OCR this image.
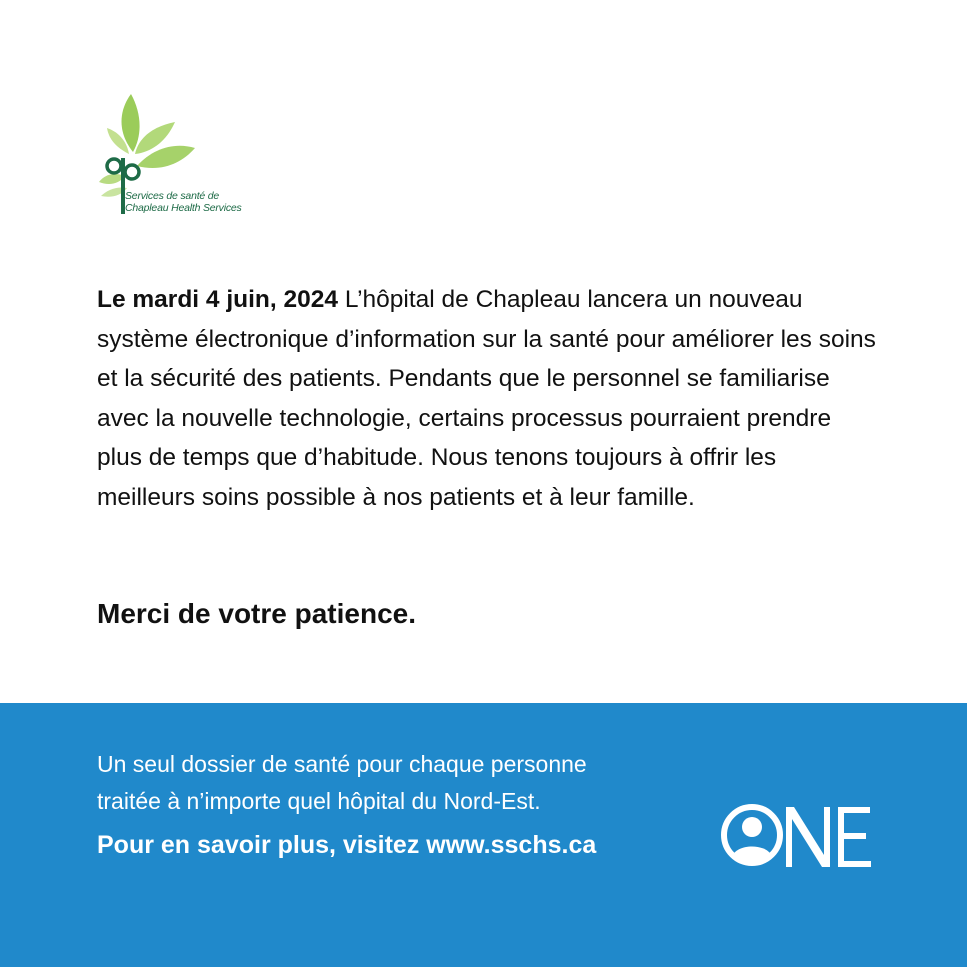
Services de santé de
Chapleau Health Services
Le mardi 4 juin, 2024 L’hôpital de Chapleau lancera un nouveau système électronique d’information sur la santé pour améliorer les soins et la sécurité des patients. Pendants que le personnel se familiarise avec la nouvelle technologie, certains processus pourraient prendre plus de temps que d’habitude. Nous tenons toujours à offrir les meilleurs soins possible à nos patients et à leur famille.
Merci de votre patience.
Un seul dossier de santé pour chaque personne
traitée à n’importe quel hôpital du Nord-Est.
Pour en savoir plus, visitez www.sschs.ca
